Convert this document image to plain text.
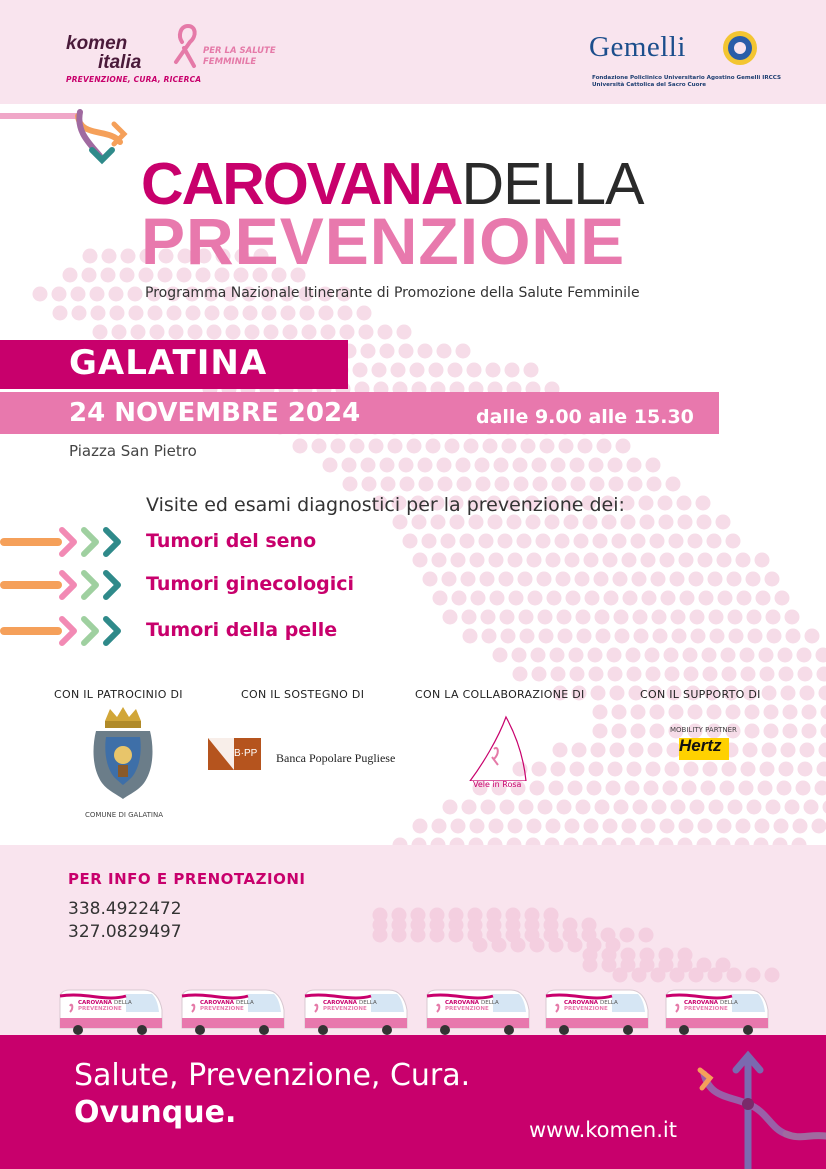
komen
italia
PREVENZIONE, CURA, RICERCA
PER LA SALUTE
FEMMINILE	Gemelli
Fondazione Policlinico Universitario Agostino Gemelli IRCCS
Università Cattolica del Sacro Cuore
CAROVANADELLA
PREVENZIONE
Programma Nazionale Itinerante di Promozione della Salute Femminile
GALATINA
24 NOVEMBRE 2024	dalle 9.00 alle 15.30
Piazza San Pietro
Visite ed esami diagnostici per la prevenzione dei:
Tumori del seno
Tumori ginecologici
Tumori della pelle
CON IL PATROCINIO DI	CON IL SOSTEGNO DI	CON LA COLLABORAZIONE DI	CON IL SUPPORTO DI
COMUNE DI GALATINA
B·PP Banca Popolare Pugliese
Vele in Rosa
MOBILITY PARTNER
Hertz
PER INFO E PRENOTAZIONI
338.4922472
327.0829497
CAROVANA DELLA
PREVENZIONE
CAROVANA DELLA
PREVENZIONE
CAROVANA DELLA
PREVENZIONE
CAROVANA DELLA
PREVENZIONE
CAROVANA DELLA
PREVENZIONE
CAROVANA DELLA
PREVENZIONE
Salute, Prevenzione, Cura.
Ovunque.	www.komen.it
